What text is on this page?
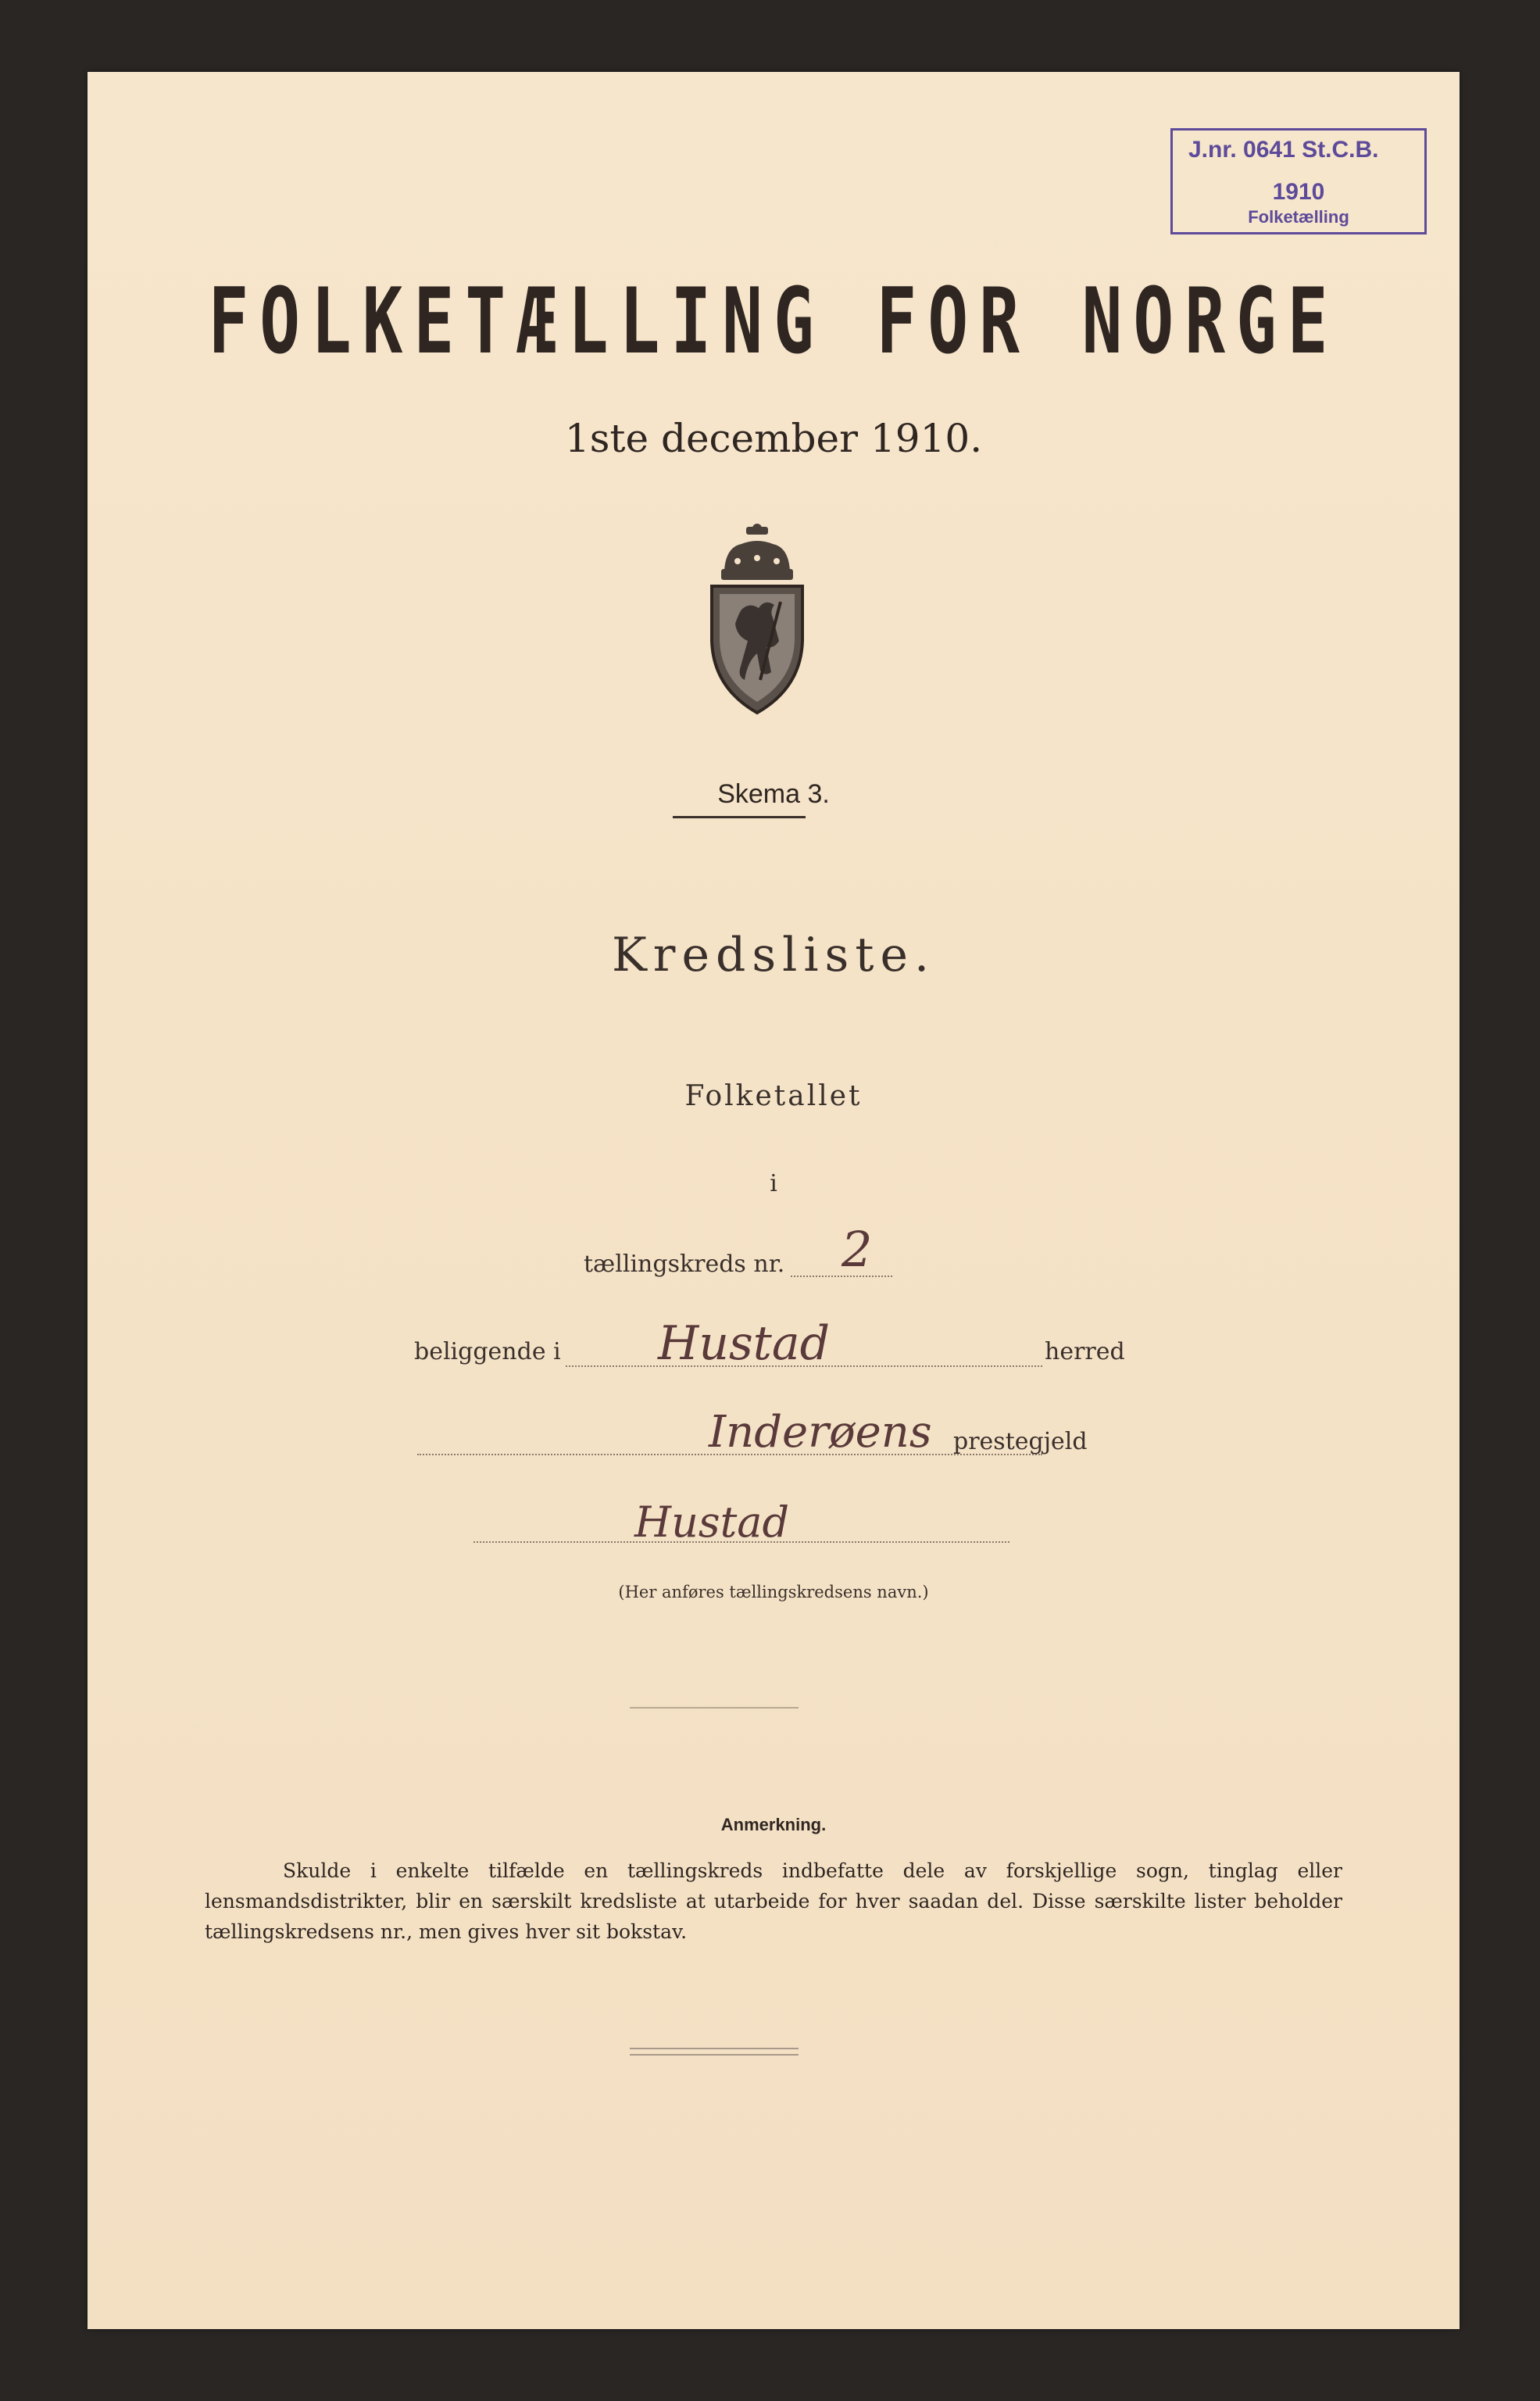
J.nr. 0641 St.C.B.
1910
Folketælling
FOLKETÆLLING FOR NORGE
1ste december 1910.
Skema 3.
Kredsliste.
Folketallet
i
tællingskreds nr. 2
beliggende i Hustad	herred
Inderøens prestegjeld
Hustad
(Her anføres tællingskredsens navn.)
Anmerkning.
Skulde i enkelte tilfælde en tællingskreds indbefatte dele av forskjellige sogn, tinglag eller lensmandsdistrikter, blir en særskilt kredsliste at utarbeide for hver saadan del. Disse særskilte lister beholder tællingskredsens nr., men gives hver sit bokstav.
